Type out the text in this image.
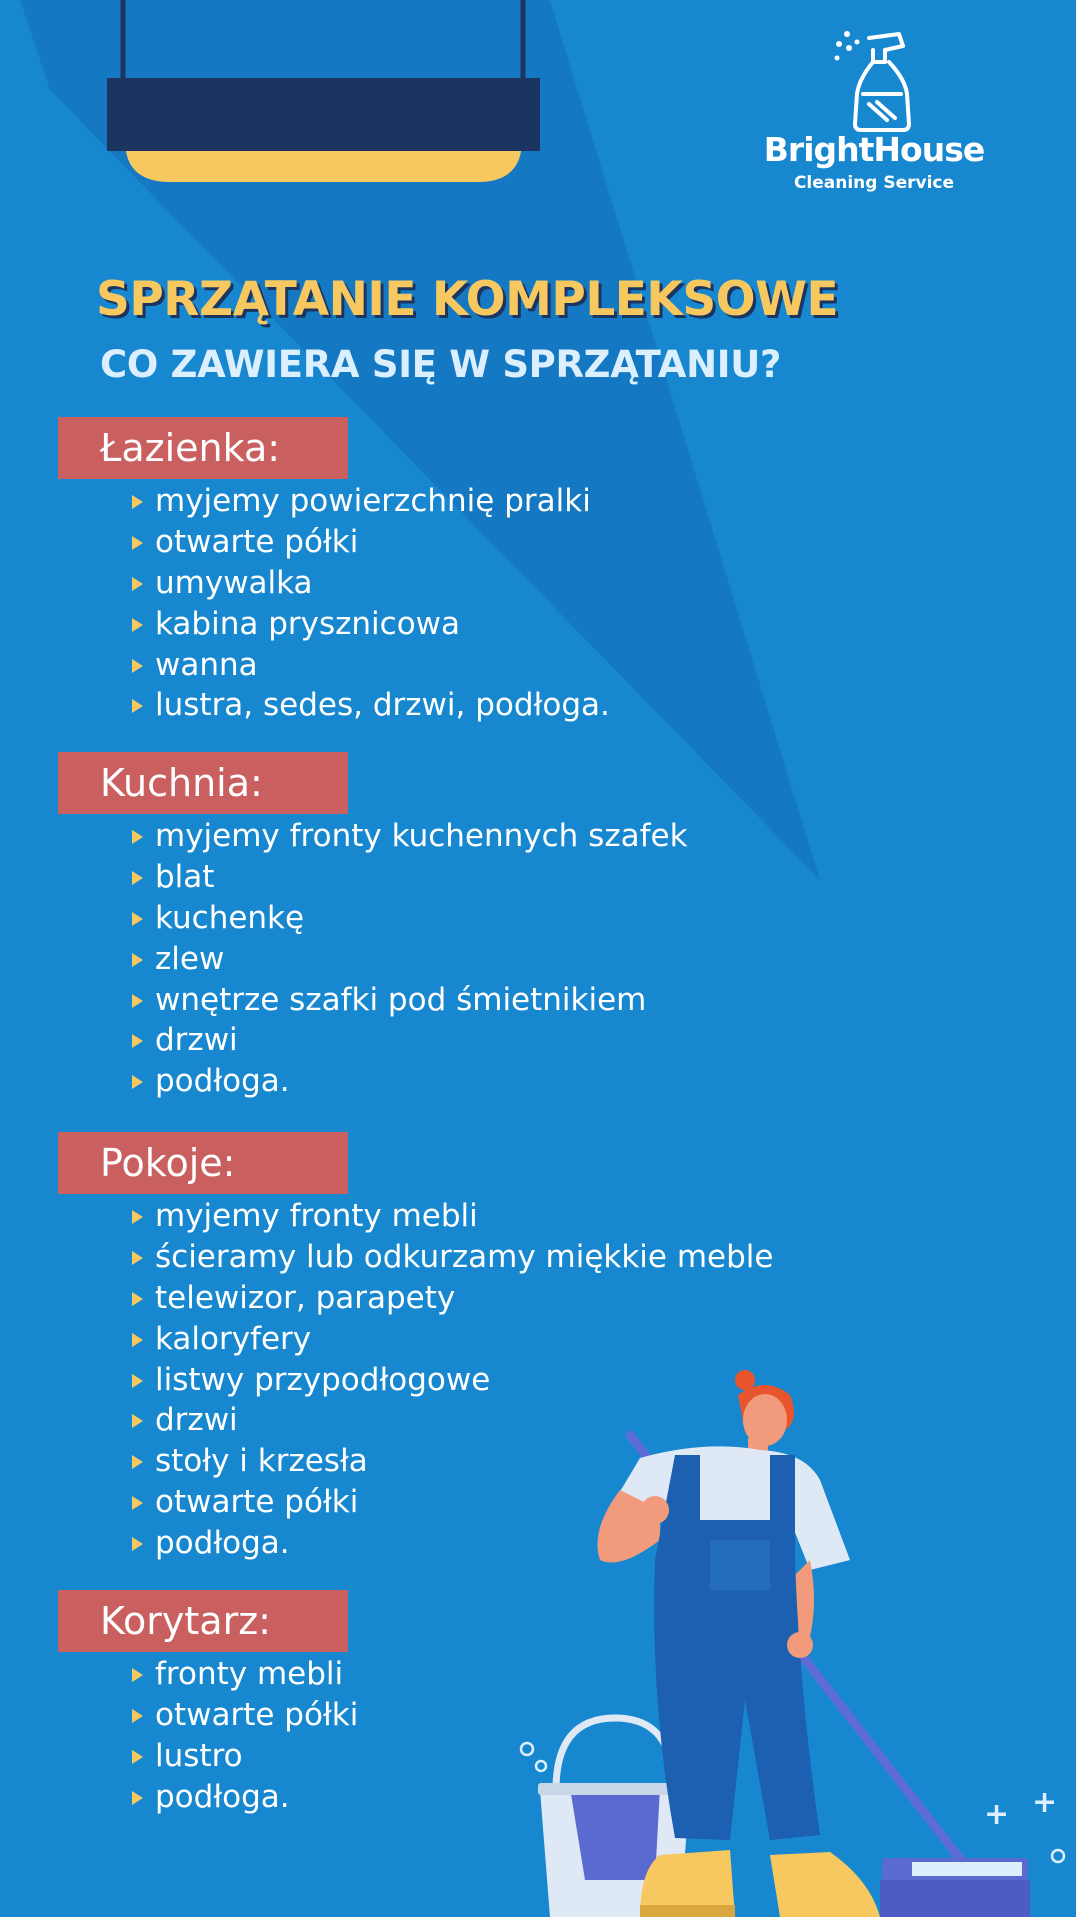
+ +
BrightHouse
Cleaning Service
SPRZĄTANIE KOMPLEKSOWE
CO ZAWIERA SIĘ W SPRZĄTANIU?
Łazienka:
myjemy powierzchnię pralki
otwarte półki
umywalka
kabina prysznicowa
wanna
lustra, sedes, drzwi, podłoga.
Kuchnia:
myjemy fronty kuchennych szafek
blat
kuchenkę
zlew
wnętrze szafki pod śmietnikiem
drzwi
podłoga.
Pokoje:
myjemy fronty mebli
ścieramy lub odkurzamy miękkie meble
telewizor, parapety
kaloryfery
listwy przypodłogowe
drzwi
stoły i krzesła
otwarte półki
podłoga.
Korytarz:
fronty mebli
otwarte półki
lustro
podłoga.
